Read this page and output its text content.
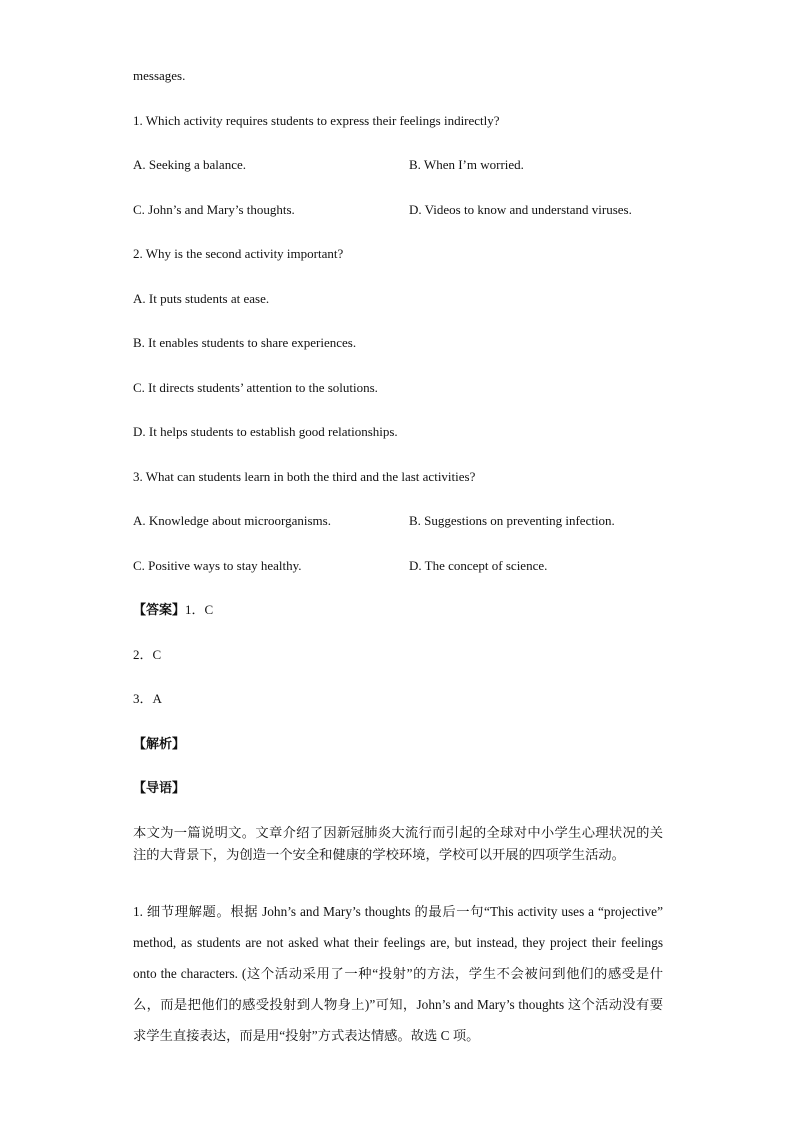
messages.
1. Which activity requires students to express their feelings indirectly?
A. Seeking a balance.	B. When I’m worried.
C. John’s and Mary’s thoughts.	D. Videos to know and understand viruses.
2. Why is the second activity important?
A. It puts students at ease.
B. It enables students to share experiences.
C. It directs students’ attention to the solutions.
D. It helps students to establish good relationships.
3. What can students learn in both the third and the last activities?
A. Knowledge about microorganisms.	B. Suggestions on preventing infection.
C. Positive ways to stay healthy.	D. The concept of science.
【答案】1．C
2．C
3．A
【解析】
【导语】
本文为一篇说明文。文章介绍了因新冠肺炎大流行而引起的全球对中小学生心理状况的关注的大背景下，为创造一个安全和健康的学校环境，学校可以开展的四项学生活动。
1. 细节理解题。根据 John’s and Mary’s thoughts 的最后一句“This activity uses a “projective” method, as students are not asked what their feelings are, but instead, they project their feelings onto the characters. (这个活动采用了一种“投射”的方法，学生不会被问到他们的感受是什么，而是把他们的感受投射到人物身上)”可知，John’s and Mary’s thoughts 这个活动没有要求学生直接表达，而是用“投射”方式表达情感。故选 C 项。
